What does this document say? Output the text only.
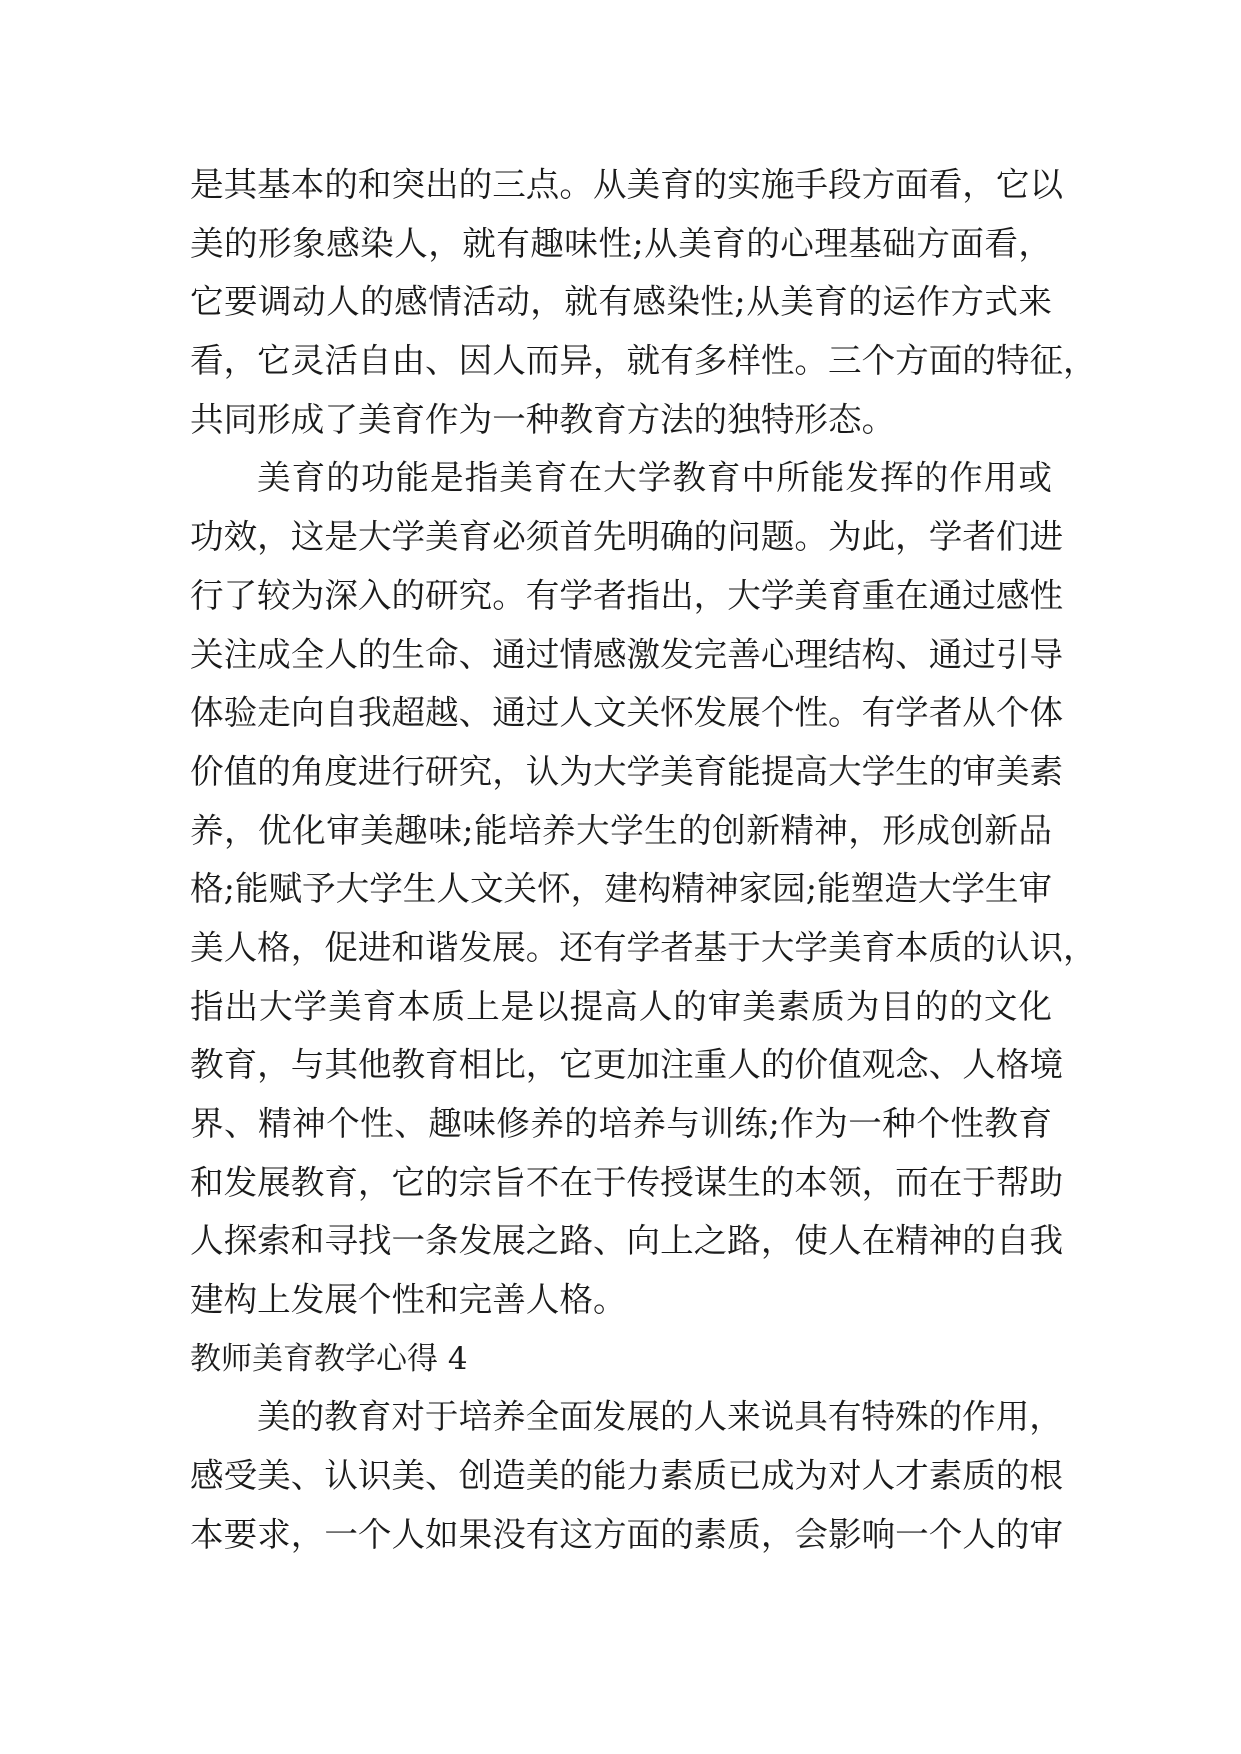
是其基本的和突出的三点。从美育的实施手段方面看，它以
美的形象感染人，就有趣味性;从美育的心理基础方面看，
它要调动人的感情活动，就有感染性;从美育的运作方式来
看，它灵活自由、因人而异，就有多样性。三个方面的特征，
共同形成了美育作为一种教育方法的独特形态。
美育的功能是指美育在大学教育中所能发挥的作用或
功效，这是大学美育必须首先明确的问题。为此，学者们进
行了较为深入的研究。有学者指出，大学美育重在通过感性
关注成全人的生命、通过情感激发完善心理结构、通过引导
体验走向自我超越、通过人文关怀发展个性。有学者从个体
价值的角度进行研究，认为大学美育能提高大学生的审美素
养，优化审美趣味;能培养大学生的创新精神，形成创新品
格;能赋予大学生人文关怀，建构精神家园;能塑造大学生审
美人格，促进和谐发展。还有学者基于大学美育本质的认识，
指出大学美育本质上是以提高人的审美素质为目的的文化
教育，与其他教育相比，它更加注重人的价值观念、人格境
界、精神个性、趣味修养的培养与训练;作为一种个性教育
和发展教育，它的宗旨不在于传授谋生的本领，而在于帮助
人探索和寻找一条发展之路、向上之路，使人在精神的自我
建构上发展个性和完善人格。
教师美育教学心得 4
美的教育对于培养全面发展的人来说具有特殊的作用，
感受美、认识美、创造美的能力素质已成为对人才素质的根
本要求，一个人如果没有这方面的素质，会影响一个人的审
